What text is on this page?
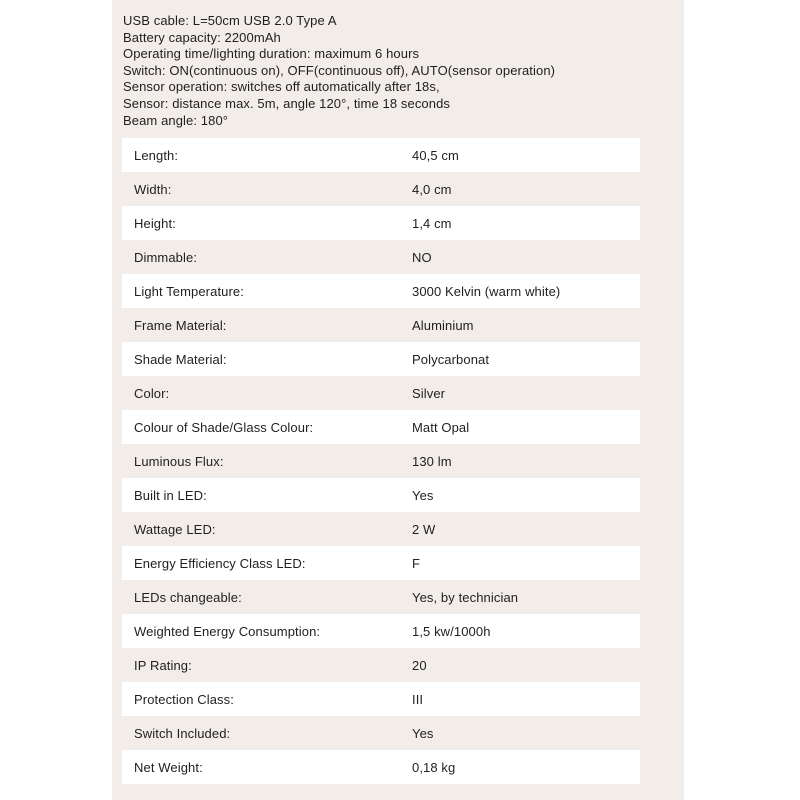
USB cable: L=50cm USB 2.0 Type A
Battery capacity: 2200mAh
Operating time/lighting duration: maximum 6 hours
Switch: ON(continuous on), OFF(continuous off), AUTO(sensor operation)
Sensor operation: switches off automatically after 18s,
Sensor: distance max. 5m, angle 120°, time 18 seconds
Beam angle: 180°
Length:	40,5 cm
Width:	4,0 cm
Height:	1,4 cm
Dimmable:	NO
Light Temperature:	3000 Kelvin (warm white)
Frame Material:	Aluminium
Shade Material:	Polycarbonat
Color:	Silver
Colour of Shade/Glass Colour:	Matt Opal
Luminous Flux:	130 lm
Built in LED:	Yes
Wattage LED:	2 W
Energy Efficiency Class LED:	F
LEDs changeable:	Yes, by technician
Weighted Energy Consumption:	1,5 kw/1000h
IP Rating:	20
Protection Class:	III
Switch Included:	Yes
Net Weight:	0,18 kg
